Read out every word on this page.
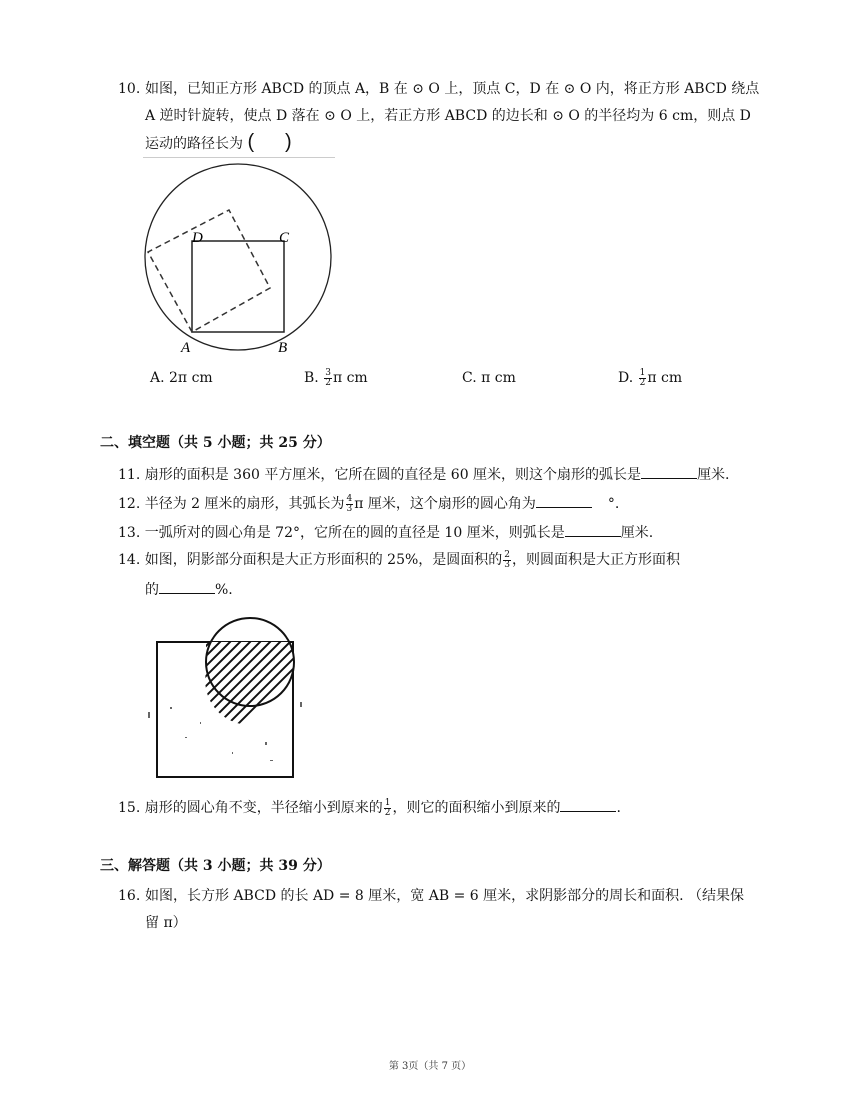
10. 如图，已知正方形 ABCD 的顶点 A，B 在 ⊙ O 上，顶点 C，D 在 ⊙ O 内，将正方形 ABCD 绕点
A 逆时针旋转，使点 D 落在 ⊙ O 上，若正方形 ABCD 的边长和 ⊙ O 的半径均为 6 cm，则点 D
运动的路径长为 ( )
D	C
A	B
A. 2π cm	B. $\frac{3}{2}$ π cm	C. π cm	D. $\frac{1}{2}$ π cm
二、填空题（共 5 小题；共 25 分）
11. 扇形的面积是 360 平方厘米，它所在圆的直径是 60 厘米，则这个扇形的弧长是	厘米.
12. 半径为 2 厘米的扇形，其弧长为 $\frac{4}{3}$ π 厘米，这个扇形的圆心角为	°.
13. 一弧所对的圆心角是 72°，它所在的圆的直径是 10 厘米，则弧长是	厘米.
14. 如图，阴影部分面积是大正方形面积的 25%，是圆面积的 $\frac{2}{3}$ ，则圆面积是大正方形面积
的	%.
15. 扇形的圆心角不变，半径缩小到原来的 $\frac{1}{2}$ ，则它的面积缩小到原来的	.
三、解答题（共 3 小题；共 39 分）
16. 如图，长方形 ABCD 的长 AD = 8 厘米，宽 AB = 6 厘米，求阴影部分的周长和面积. （结果保
留 π）
第 3页（共 7 页）
